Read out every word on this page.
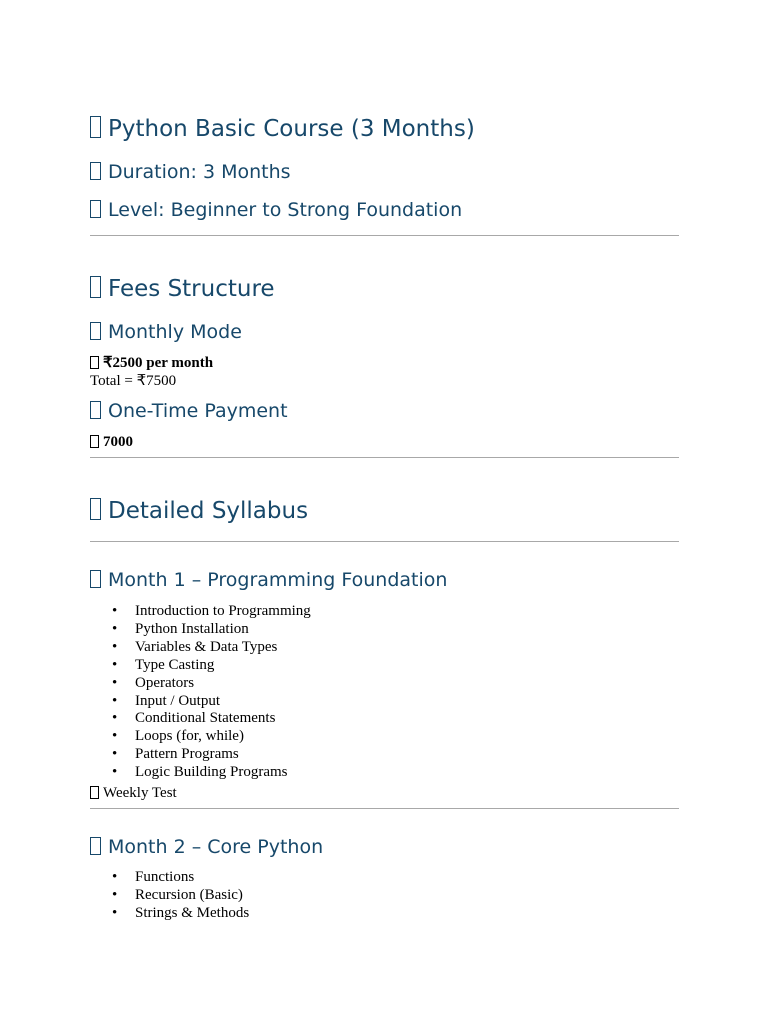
Python Basic Course (3 Months)
Duration: 3 Months
Level: Beginner to Strong Foundation
Fees Structure
Monthly Mode
₹2500 per month
Total = ₹7500
One-Time Payment
7000
Detailed Syllabus
Month 1 – Programming Foundation
• Introduction to Programming
• Python Installation
• Variables & Data Types
• Type Casting
• Operators
• Input / Output
• Conditional Statements
• Loops (for, while)
• Pattern Programs
• Logic Building Programs
Weekly Test
Month 2 – Core Python
• Functions
• Recursion (Basic)
• Strings & Methods
